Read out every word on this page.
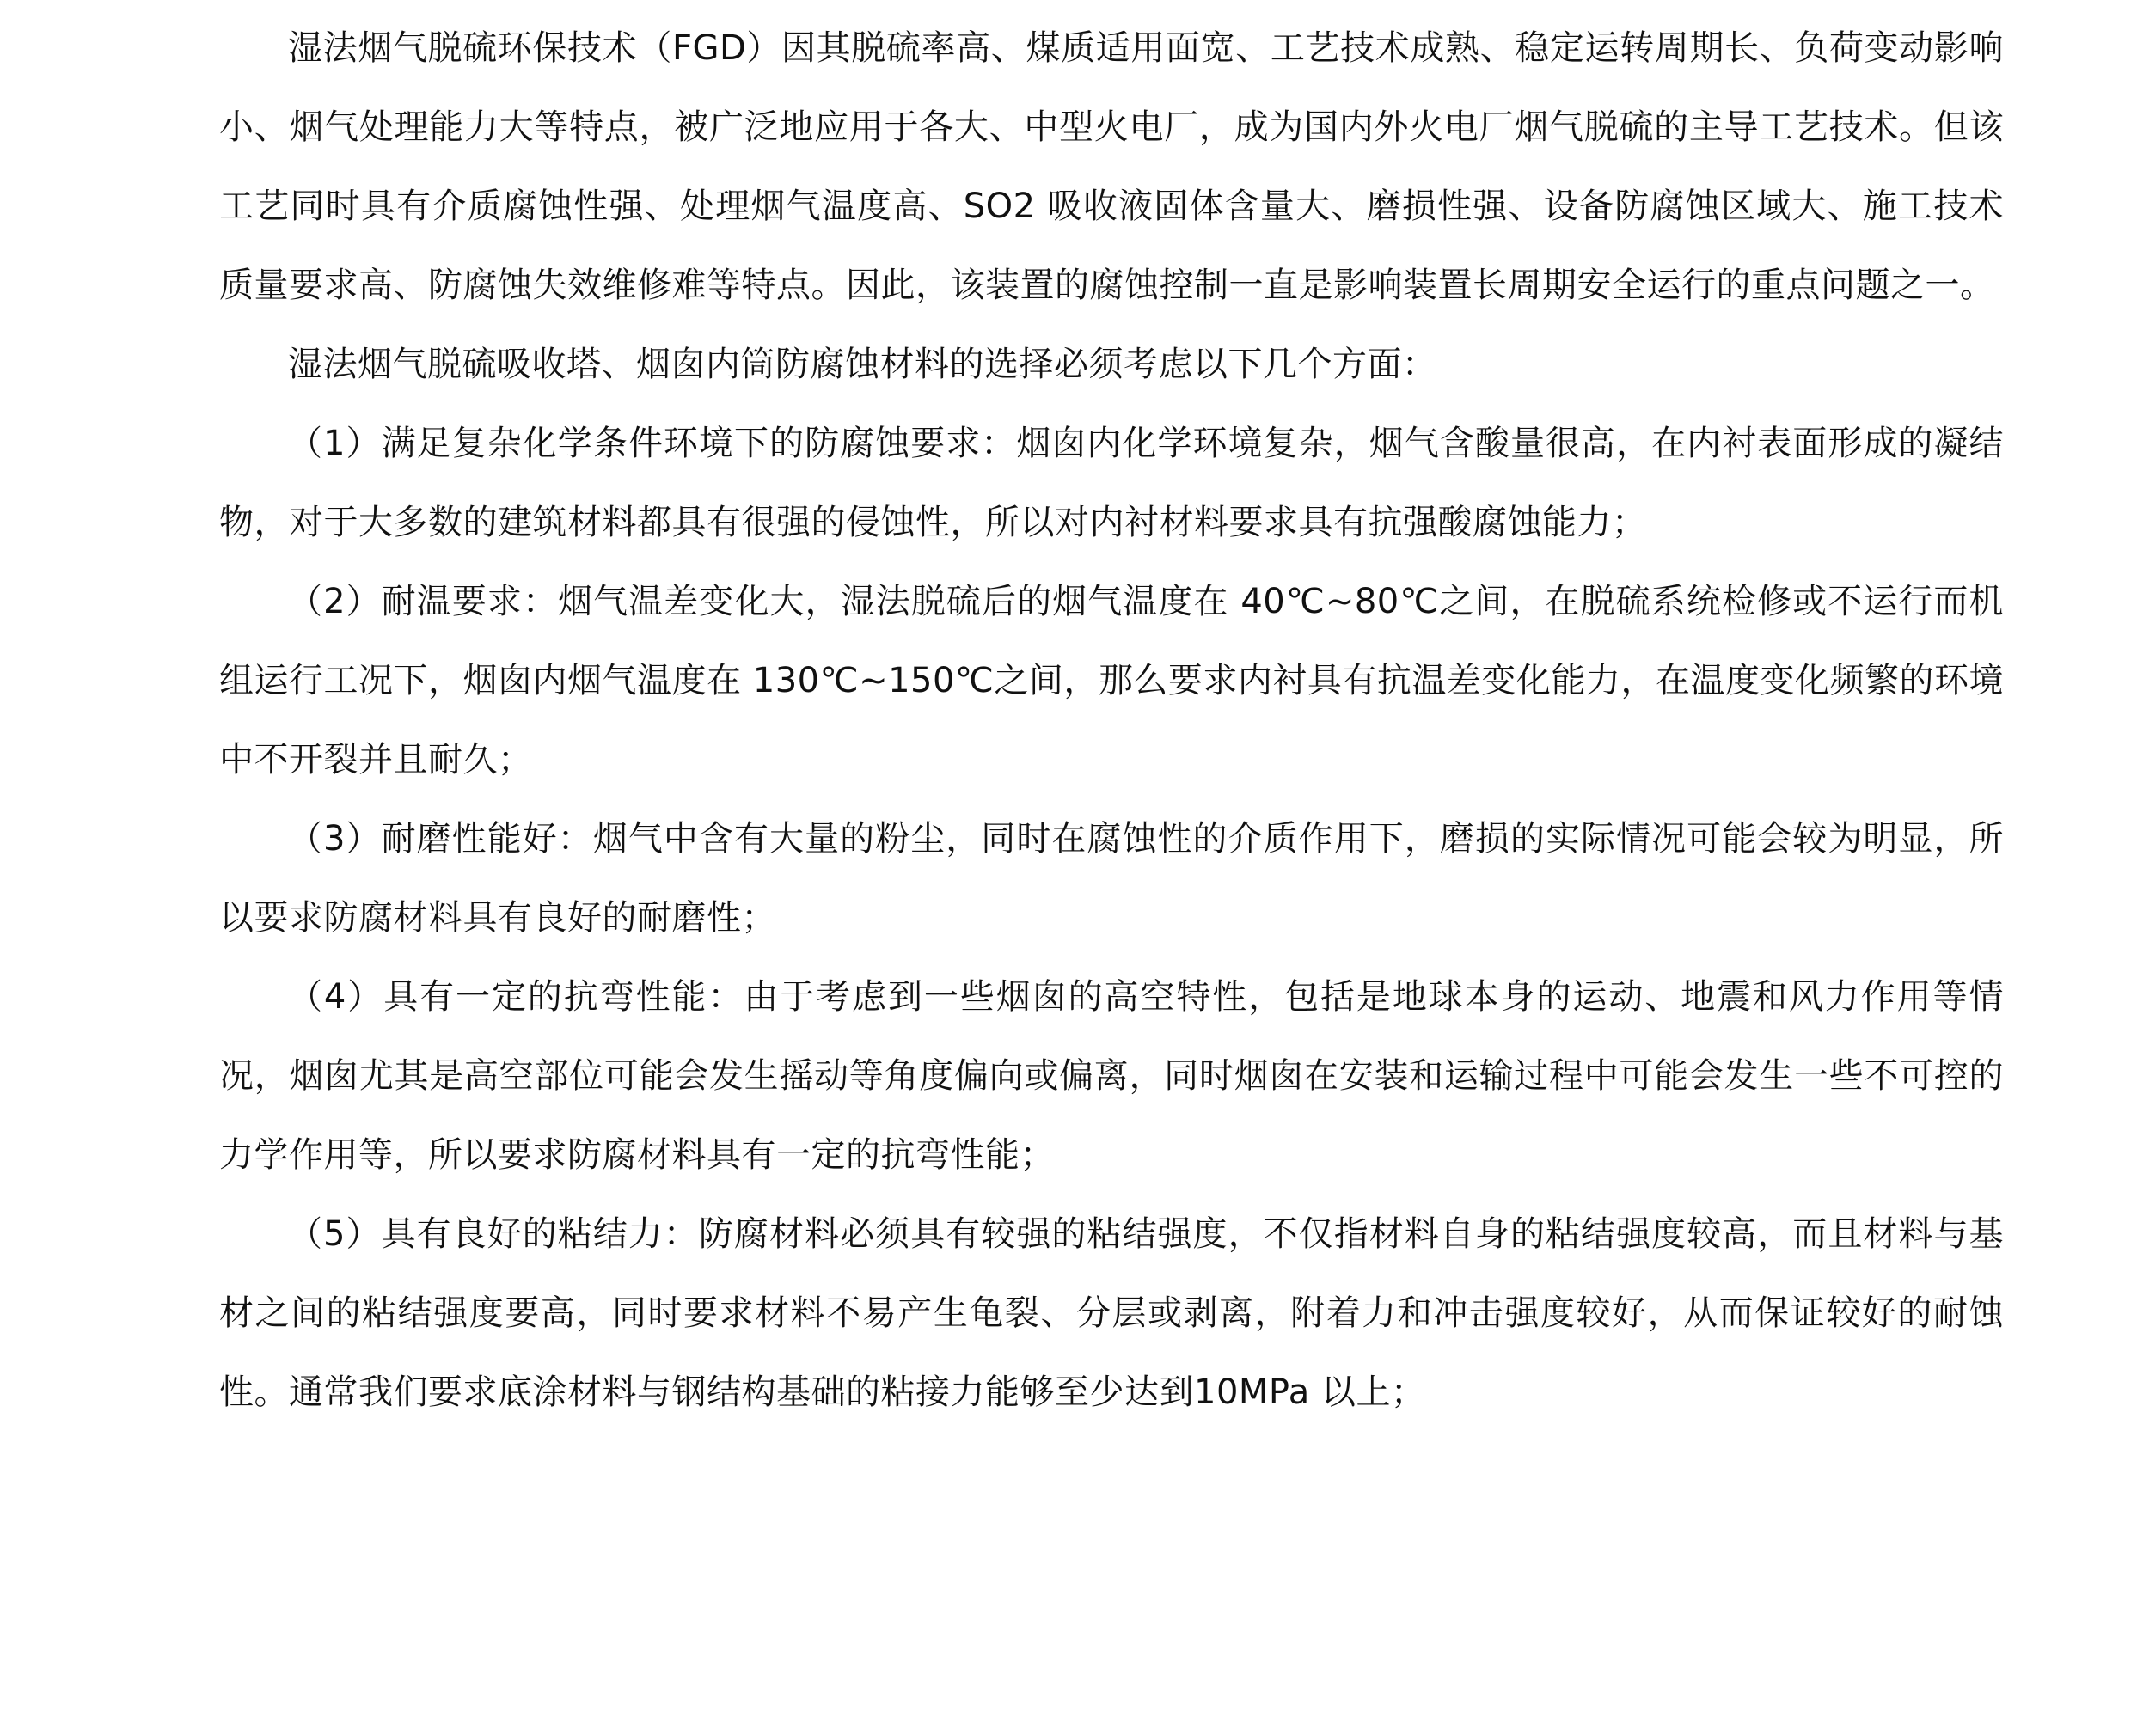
湿法烟气脱硫环保技术（FGD）因其脱硫率高、煤质适用面宽、工艺技术成熟、稳定运转周期长、负荷变动影响小、烟气处理能力大等特点，被广泛地应用于各大、中型火电厂，成为国内外火电厂烟气脱硫的主导工艺技术。但该工艺同时具有介质腐蚀性强、处理烟气温度高、SO2 吸收液固体含量大、磨损性强、设备防腐蚀区域大、施工技术质量要求高、防腐蚀失效维修难等特点。因此，该装置的腐蚀控制一直是影响装置长周期安全运行的重点问题之一。

湿法烟气脱硫吸收塔、烟囱内筒防腐蚀材料的选择必须考虑以下几个方面：

（1）满足复杂化学条件环境下的防腐蚀要求：烟囱内化学环境复杂，烟气含酸量很高，在内衬表面形成的凝结物，对于大多数的建筑材料都具有很强的侵蚀性，所以对内衬材料要求具有抗强酸腐蚀能力；

（2）耐温要求：烟气温差变化大，湿法脱硫后的烟气温度在 40℃~80℃之间，在脱硫系统检修或不运行而机组运行工况下，烟囱内烟气温度在 130℃~150℃之间，那么要求内衬具有抗温差变化能力，在温度变化频繁的环境中不开裂并且耐久；

（3）耐磨性能好：烟气中含有大量的粉尘，同时在腐蚀性的介质作用下，磨损的实际情况可能会较为明显，所以要求防腐材料具有良好的耐磨性；

（4）具有一定的抗弯性能：由于考虑到一些烟囱的高空特性，包括是地球本身的运动、地震和风力作用等情况，烟囱尤其是高空部位可能会发生摇动等角度偏向或偏离，同时烟囱在安装和运输过程中可能会发生一些不可控的力学作用等，所以要求防腐材料具有一定的抗弯性能；

（5）具有良好的粘结力：防腐材料必须具有较强的粘结强度，不仅指材料自身的粘结强度较高，而且材料与基材之间的粘结强度要高，同时要求材料不易产生龟裂、分层或剥离，附着力和冲击强度较好，从而保证较好的耐蚀性。通常我们要求底涂材料与钢结构基础的粘接力能够至少达到10MPa 以上；
